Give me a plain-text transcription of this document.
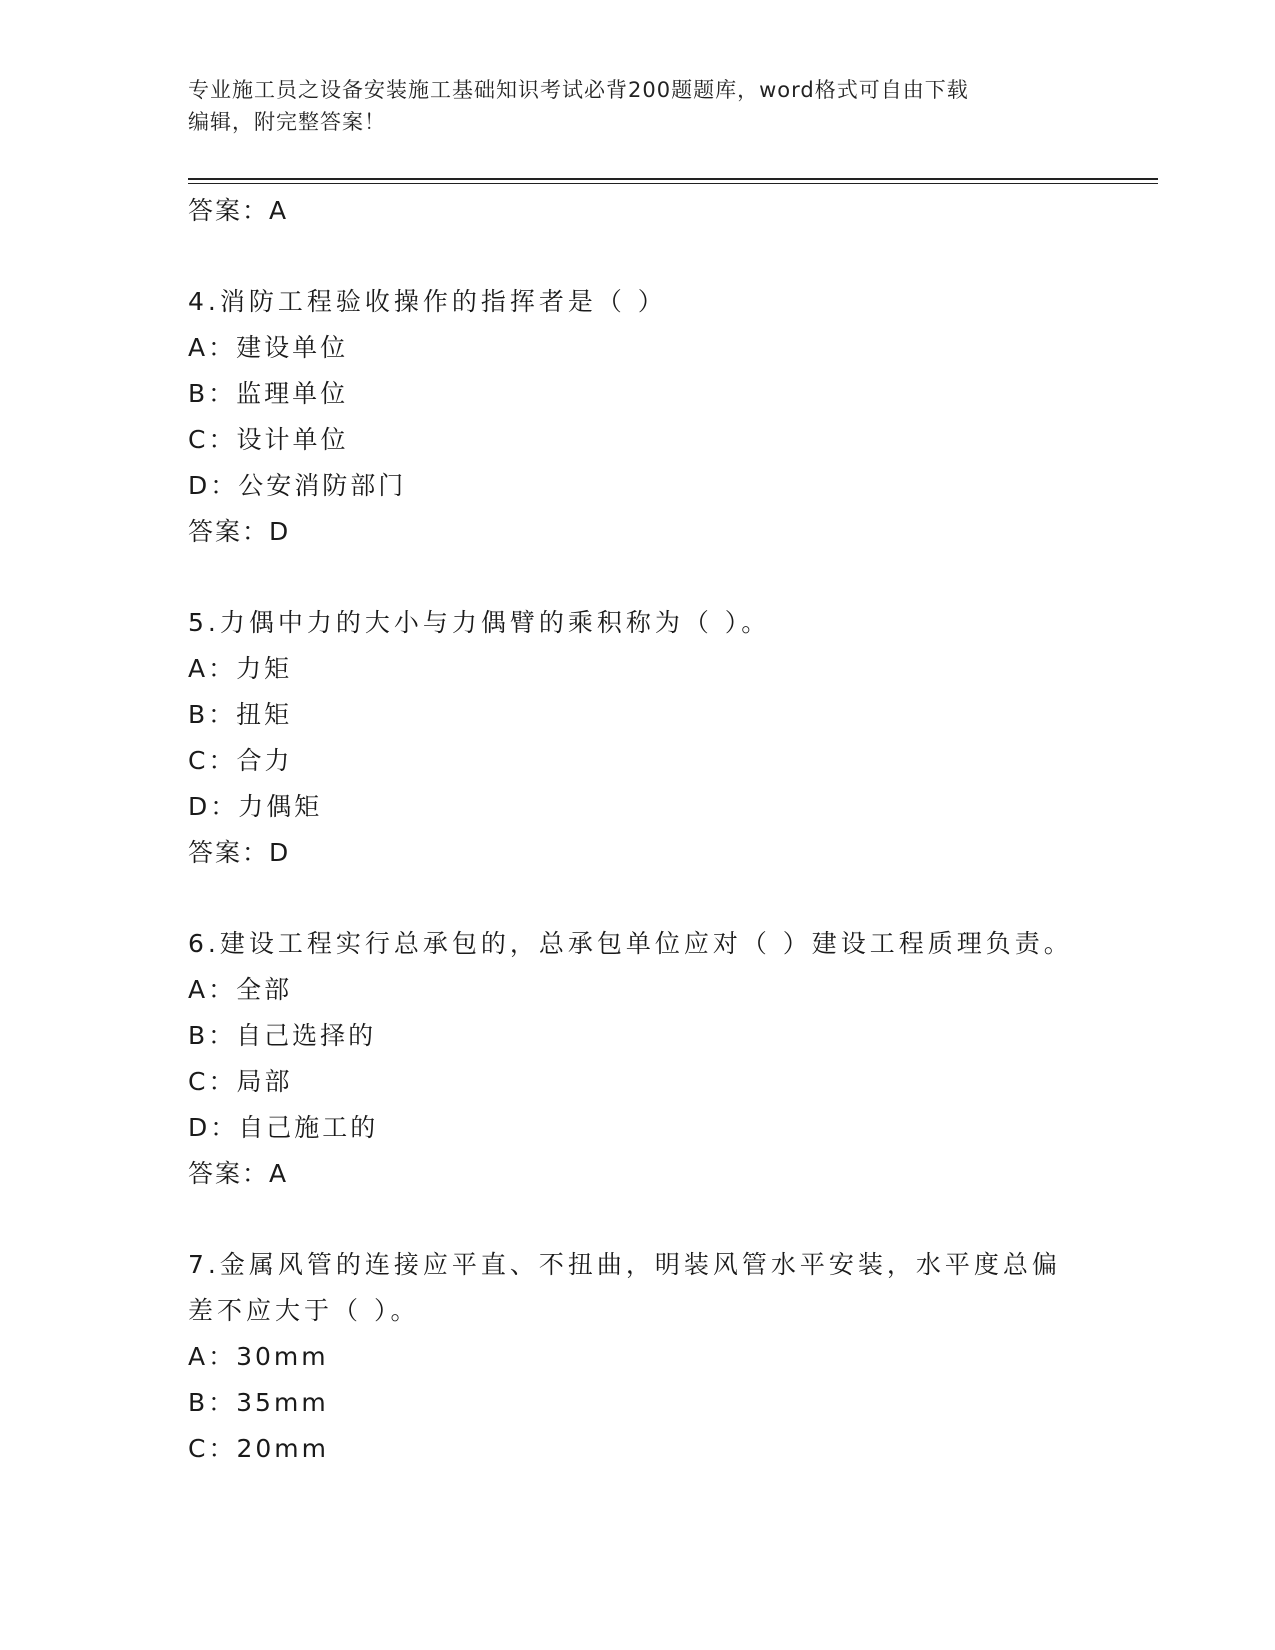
专业施工员之设备安装施工基础知识考试必背200题题库，word格式可自由下载
编辑，附完整答案！
答案：A
4.消防工程验收操作的指挥者是（ ）
A：建设单位
B：监理单位
C：设计单位
D：公安消防部门
答案：D
5.力偶中力的大小与力偶臂的乘积称为（ ）。
A：力矩
B：扭矩
C：合力
D：力偶矩
答案：D
6.建设工程实行总承包的，总承包单位应对（ ）建设工程质理负责。
A：全部
B：自己选择的
C：局部
D：自己施工的
答案：A
7.金属风管的连接应平直、不扭曲，明装风管水平安装，水平度总偏
差不应大于（ ）。
A：30mm
B：35mm
C：20mm
